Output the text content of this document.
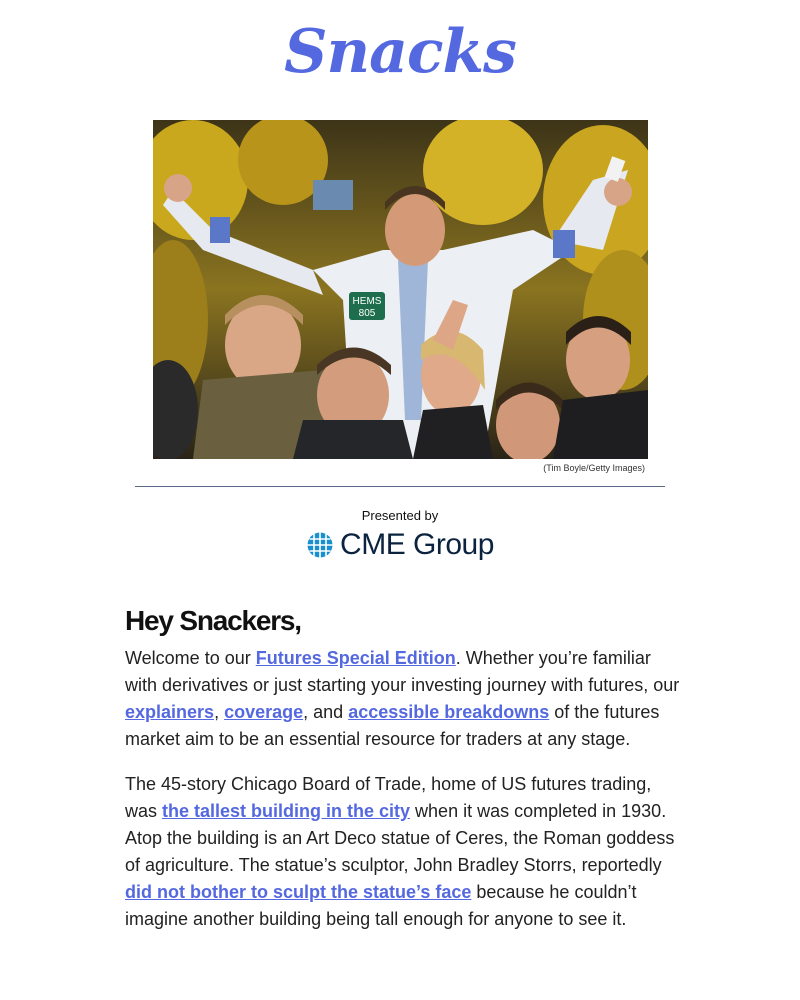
Snacks
HEMS
805
(Tim Boyle/Getty Images)
Presented by
CME Group
Hey Snackers,

Welcome to our Futures Special Edition. Whether you’re familiar with derivatives or just starting your investing journey with futures, our explainers, coverage, and accessible breakdowns of the futures market aim to be an essential resource for traders at any stage.

The 45-story Chicago Board of Trade, home of US futures trading, was the tallest building in the city when it was completed in 1930. Atop the building is an Art Deco statue of Ceres, the Roman goddess of agriculture. The statue’s sculptor, John Bradley Storrs, reportedly did not bother to sculpt the statue’s face because he couldn’t imagine another building being tall enough for anyone to see it.
